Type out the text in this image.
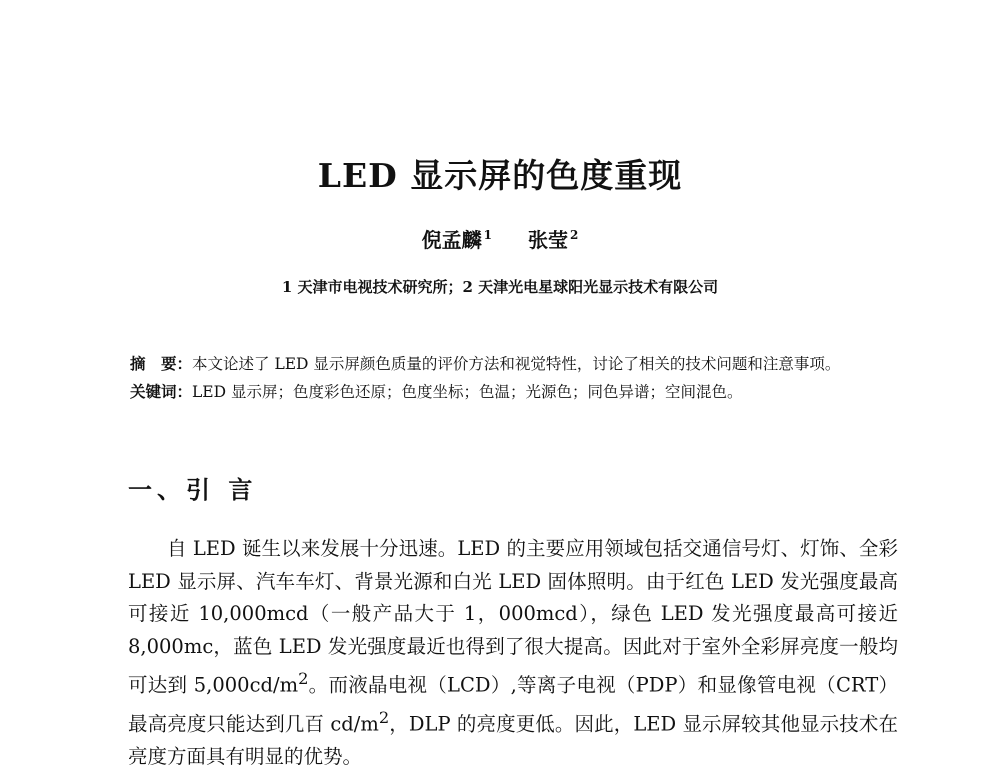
LED 显示屏的色度重现
倪孟麟 $^1$ 张莹 $^2$
1 天津市电视技术研究所；2 天津光电星球阳光显示技术有限公司
摘　要：本文论述了 LED 显示屏颜色质量的评价方法和视觉特性，讨论了相关的技术问题和注意事项。
关键词：LED 显示屏；色度彩色还原；色度坐标；色温；光源色；同色异谱；空间混色。
一、引 言

自 LED 诞生以来发展十分迅速。LED 的主要应用领域包括交通信号灯、灯饰、全彩 LED 显示屏、汽车车灯、背景光源和白光 LED 固体照明。由于红色 LED 发光强度最高可接近 10,000mcd（一般产品大于 1，000mcd），绿色 LED 发光强度最高可接近 8,000mc，蓝色 LED 发光强度最近也得到了很大提高。因此对于室外全彩屏亮度一般均可达到 $5,000cd/m^2$。而液晶电视（LCD）,等离子电视（PDP）和显像管电视（CRT）最高亮度只能达到几百 $cd/m^2$，DLP 的亮度更低。因此，LED 显示屏较其他显示技术在亮度方面具有明显的优势。
